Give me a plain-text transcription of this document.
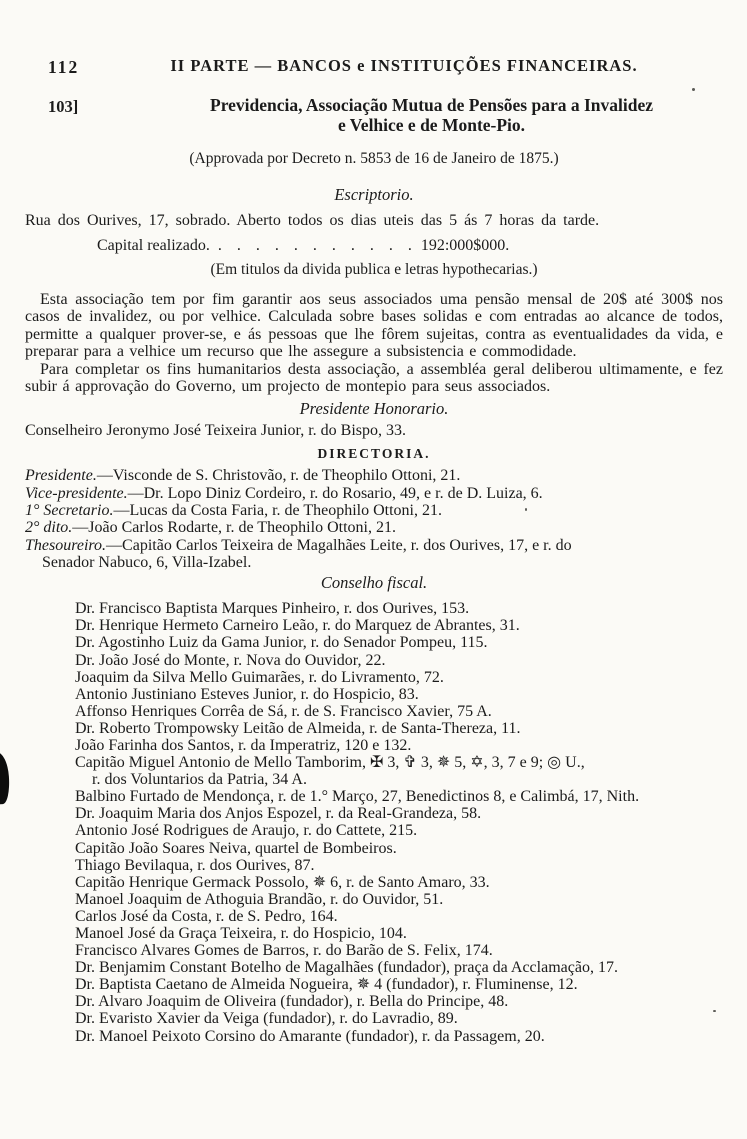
112
103]
II PARTE — BANCOS e INSTITUIÇÕES FINANCEIRAS.
Previdencia, Associação Mutua de Pensões para a Invalidez
e Velhice e de Monte-Pio.
(Approvada por Decreto n. 5853 de 16 de Janeiro de 1875.)
Escriptorio.
Rua dos Ourives, 17, sobrado. Aberto todos os dias uteis das 5 ás 7 horas da tarde.
Capital realizado. . . . . . . . . . . . 192:000$000.
(Em titulos da divida publica e letras hypothecarias.)

Esta associação tem por fim garantir aos seus associados uma pensão mensal de 20$ até 300$ nos casos de invalidez, ou por velhice. Calculada sobre bases solidas e com entradas ao alcance de todos, permitte a qualquer prover-se, e ás pessoas que lhe fôrem sujeitas, contra as eventualidades da vida, e preparar para a velhice um recurso que lhe assegure a subsistencia e commodidade.

Para completar os fins humanitarios desta associação, a assembléa geral deliberou ultimamente, e fez subir á approvação do Governo, um projecto de montepio para seus associados.

Presidente Honorario.
Conselheiro Jeronymo José Teixeira Junior, r. do Bispo, 33.
DIRECTORIA.
Presidente.—Visconde de S. Christovão, r. de Theophilo Ottoni, 21.
Vice-presidente.—Dr. Lopo Diniz Cordeiro, r. do Rosario, 49, e r. de D. Luiza, 6.
1° Secretario.—Lucas da Costa Faria, r. de Theophilo Ottoni, 21.
2° dito.—João Carlos Rodarte, r. de Theophilo Ottoni, 21.
Thesoureiro.—Capitão Carlos Teixeira de Magalhães Leite, r. dos Ourives, 17, e r. do
Senador Nabuco, 6, Villa-Izabel.
Conselho fiscal.
Dr. Francisco Baptista Marques Pinheiro, r. dos Ourives, 153.
Dr. Henrique Hermeto Carneiro Leão, r. do Marquez de Abrantes, 31.
Dr. Agostinho Luiz da Gama Junior, r. do Senador Pompeu, 115.
Dr. João José do Monte, r. Nova do Ouvidor, 22.
Joaquim da Silva Mello Guimarães, r. do Livramento, 72.
Antonio Justiniano Esteves Junior, r. do Hospicio, 83.
Affonso Henriques Corrêa de Sá, r. de S. Francisco Xavier, 75 A.
Dr. Roberto Trompowsky Leitão de Almeida, r. de Santa-Thereza, 11.
João Farinha dos Santos, r. da Imperatriz, 120 e 132.
Capitão Miguel Antonio de Mello Tamborim, ✠ 3, ✞ 3, ✵ 5, ✡, 3, 7 e 9; ◎ U.,
r. dos Voluntarios da Patria, 34 A.
Balbino Furtado de Mendonça, r. de 1.° Março, 27, Benedictinos 8, e Calimbá, 17, Nith.
Dr. Joaquim Maria dos Anjos Espozel, r. da Real-Grandeza, 58.
Antonio José Rodrigues de Araujo, r. do Cattete, 215.
Capitão João Soares Neiva, quartel de Bombeiros.
Thiago Bevilaqua, r. dos Ourives, 87.
Capitão Henrique Germack Possolo, ✵ 6, r. de Santo Amaro, 33.
Manoel Joaquim de Athoguia Brandão, r. do Ouvidor, 51.
Carlos José da Costa, r. de S. Pedro, 164.
Manoel José da Graça Teixeira, r. do Hospicio, 104.
Francisco Alvares Gomes de Barros, r. do Barão de S. Felix, 174.
Dr. Benjamim Constant Botelho de Magalhães (fundador), praça da Acclamação, 17.
Dr. Baptista Caetano de Almeida Nogueira, ✵ 4 (fundador), r. Fluminense, 12.
Dr. Alvaro Joaquim de Oliveira (fundador), r. Bella do Principe, 48.
Dr. Evaristo Xavier da Veiga (fundador), r. do Lavradio, 89.
Dr. Manoel Peixoto Corsino do Amarante (fundador), r. da Passagem, 20.
